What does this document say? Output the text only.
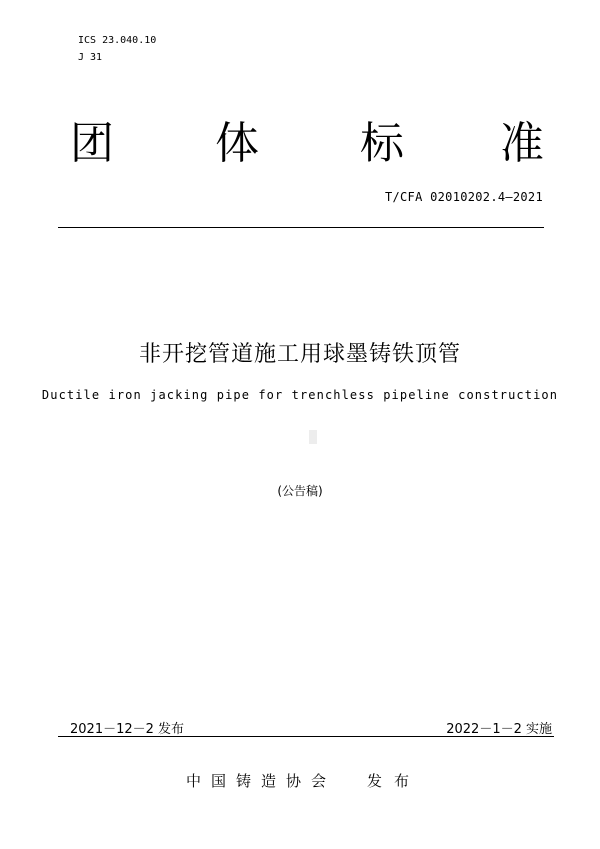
ICS 23.040.10
J 31
团 体 标 准
T/CFA 02010202.4—2021
非开挖管道施工用球墨铸铁顶管
Ductile iron jacking pipe for trenchless pipeline construction
(公告稿)
2021－12－2 发布	2022－1－2 实施
中国铸造协会 发布
